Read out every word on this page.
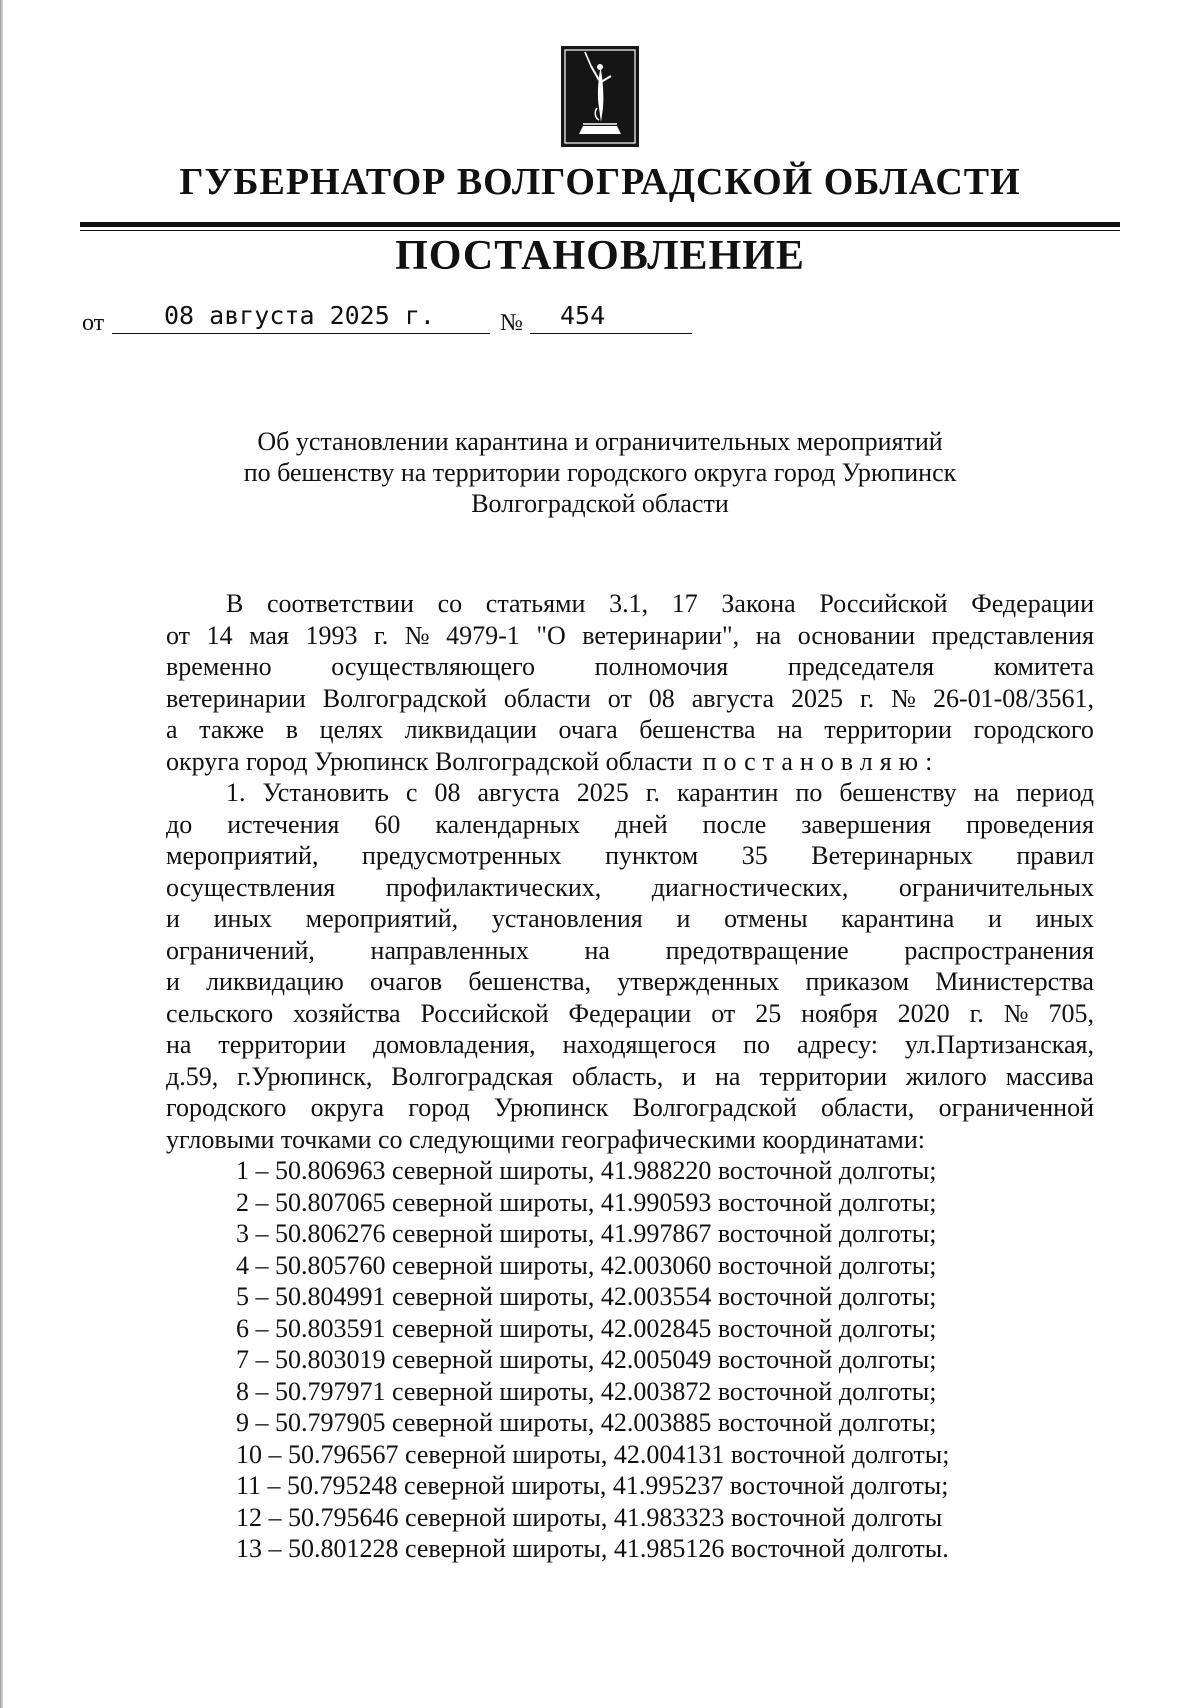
ГУБЕРНАТОР ВОЛГОГРАДСКОЙ ОБЛАСТИ
ПОСТАНОВЛЕНИЕ
от 08 августа 2025 г.	№ 454
Об установлении карантина и ограничительных мероприятий
по бешенству на территории городского округа город Урюпинск
Волгоградской области
В соответствии со статьями 3.1, 17 Закона Российской Федерации
от 14 мая 1993 г. № 4979-1 "О ветеринарии", на основании представления
временно осуществляющего полномочия председателя комитета
ветеринарии Волгоградской области от 08 августа 2025 г. № 26-01-08/3561,
а также в целях ликвидации очага бешенства на территории городского
округа город Урюпинск Волгоградской области постановляю:
1. Установить с 08 августа 2025 г. карантин по бешенству на период
до истечения 60 календарных дней после завершения проведения
мероприятий, предусмотренных пунктом 35 Ветеринарных правил
осуществления профилактических, диагностических, ограничительных
и иных мероприятий, установления и отмены карантина и иных
ограничений, направленных на предотвращение распространения
и ликвидацию очагов бешенства, утвержденных приказом Министерства
сельского хозяйства Российской Федерации от 25 ноября 2020 г. № 705,
на территории домовладения, находящегося по адресу: ул.Партизанская,
д.59, г.Урюпинск, Волгоградская область, и на территории жилого массива
городского округа город Урюпинск Волгоградской области, ограниченной
угловыми точками со следующими географическими координатами:
1 – 50.806963 северной широты, 41.988220 восточной долготы;
2 – 50.807065 северной широты, 41.990593 восточной долготы;
3 – 50.806276 северной широты, 41.997867 восточной долготы;
4 – 50.805760 северной широты, 42.003060 восточной долготы;
5 – 50.804991 северной широты, 42.003554 восточной долготы;
6 – 50.803591 северной широты, 42.002845 восточной долготы;
7 – 50.803019 северной широты, 42.005049 восточной долготы;
8 – 50.797971 северной широты, 42.003872 восточной долготы;
9 – 50.797905 северной широты, 42.003885 восточной долготы;
10 – 50.796567 северной широты, 42.004131 восточной долготы;
11 – 50.795248 северной широты, 41.995237 восточной долготы;
12 – 50.795646 северной широты, 41.983323 восточной долготы
13 – 50.801228 северной широты, 41.985126 восточной долготы.
